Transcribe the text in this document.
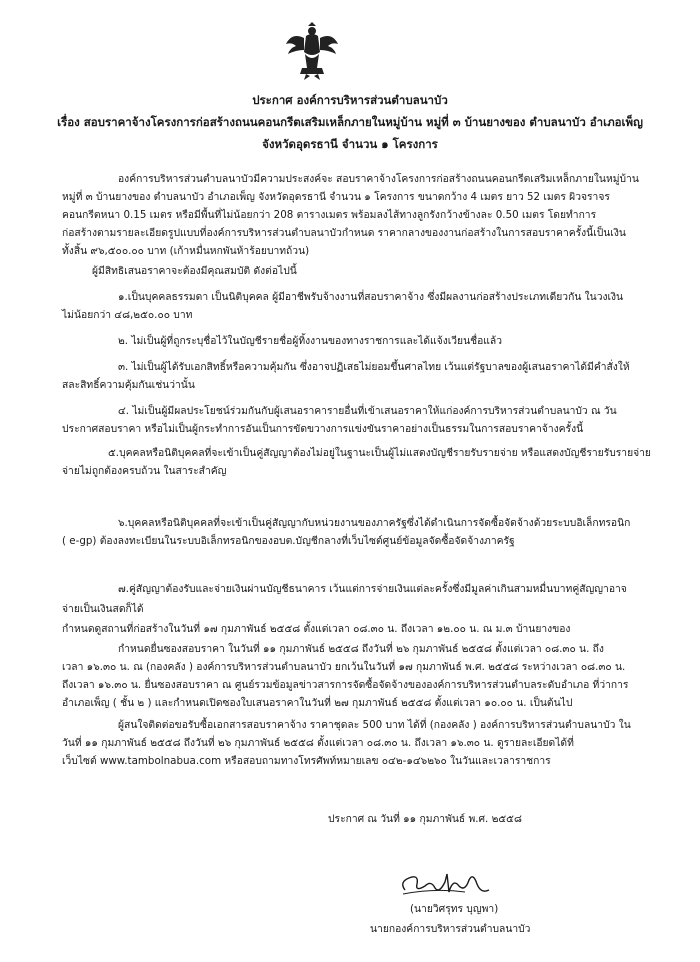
ประกาศ องค์การบริหารส่วนตำบลนาบัว
เรื่อง สอบราคาจ้างโครงการก่อสร้างถนนคอนกรีตเสริมเหล็กภายในหมู่บ้าน หมู่ที่ ๓ บ้านยางของ ตำบลนาบัว อำเภอเพ็ญ
จังหวัดอุดรธานี จำนวน ๑ โครงการ
องค์การบริหารส่วนตำบลนาบัวมีความประสงค์จะ สอบราคาจ้างโครงการก่อสร้างถนนคอนกรีตเสริมเหล็กภายในหมู่บ้าน
หมู่ที่ ๓ บ้านยางของ ตำบลนาบัว อำเภอเพ็ญ จังหวัดอุดรธานี จำนวน ๑ โครงการ ขนาดกว้าง 4 เมตร ยาว 52 เมตร ผิวจราจร
คอนกรีตหนา 0.15 เมตร หรือมีพื้นที่ไม่น้อยกว่า 208 ตารางเมตร พร้อมลงไส้ทางลูกรังกว้างข้างละ 0.50 เมตร โดยทำการ
ก่อสร้างตามรายละเอียดรูปแบบที่องค์การบริหารส่วนตำบลนาบัวกำหนด ราคากลางของงานก่อสร้างในการสอบราคาครั้งนี้เป็นเงิน
ทั้งสิ้น ๙๖,๕๐๐.๐๐ บาท (เก้าหมื่นหกพันห้าร้อยบาทถ้วน)
ผู้มีสิทธิเสนอราคาจะต้องมีคุณสมบัติ ดังต่อไปนี้
๑.เป็นบุคคลธรรมดา เป็นนิติบุคคล ผู้มีอาชีพรับจ้างงานที่สอบราคาจ้าง ซึ่งมีผลงานก่อสร้างประเภทเดียวกัน ในวงเงิน
ไม่น้อยกว่า ๔๘,๒๕๐.๐๐ บาท
๒. ไม่เป็นผู้ที่ถูกระบุชื่อไว้ในบัญชีรายชื่อผู้ทิ้งงานของทางราชการและได้แจ้งเวียนชื่อแล้ว
๓. ไม่เป็นผู้ได้รับเอกสิทธิ์หรือความคุ้มกัน ซึ่งอาจปฏิเสธไม่ยอมขึ้นศาลไทย เว้นแต่รัฐบาลของผู้เสนอราคาได้มีคำสั่งให้
สละสิทธิ์ความคุ้มกันเช่นว่านั้น
๔. ไม่เป็นผู้มีผลประโยชน์ร่วมกันกับผู้เสนอราคารายอื่นที่เข้าเสนอราคาให้แก่องค์การบริหารส่วนตำบลนาบัว ณ วัน
ประกาศสอบราคา หรือไม่เป็นผู้กระทำการอันเป็นการขัดขวางการแข่งขันราคาอย่างเป็นธรรมในการสอบราคาจ้างครั้งนี้
๕.บุคคลหรือนิติบุคคลที่จะเข้าเป็นคู่สัญญาต้องไม่อยู่ในฐานะเป็นผู้ไม่แสดงบัญชีรายรับรายจ่าย หรือแสดงบัญชีรายรับรายจ่าย
จ่ายไม่ถูกต้องครบถ้วน ในสาระสำคัญ
๖.บุคคลหรือนิติบุคคลที่จะเข้าเป็นคู่สัญญากับหน่วยงานของภาครัฐซึ่งได้ดำเนินการจัดซื้อจัดจ้างด้วยระบบอิเล็กทรอนิก
( e-gp) ต้องลงทะเบียนในระบบอิเล็กทรอนิกของอบต.บัญชีกลางที่เว็บไซต์ศูนย์ข้อมูลจัดซื้อจัดจ้างภาครัฐ
๗.คู่สัญญาต้องรับและจ่ายเงินผ่านบัญชีธนาคาร เว้นแต่การจ่ายเงินแต่ละครั้งซึ่งมีมูลค่าเกินสามหมื่นบาทคู่สัญญาอาจ
จ่ายเป็นเงินสดก็ได้
กำหนดดูสถานที่ก่อสร้างในวันที่ ๑๗ กุมภาพันธ์ ๒๕๕๘ ตั้งแต่เวลา ๐๘.๓๐ น. ถึงเวลา ๑๒.๐๐ น. ณ ม.๓ บ้านยางของ
กำหนดยื่นซองสอบราคา ในวันที่ ๑๑ กุมภาพันธ์ ๒๕๕๘ ถึงวันที่ ๒๖ กุมภาพันธ์ ๒๕๕๘ ตั้งแต่เวลา ๐๘.๓๐ น. ถึง
เวลา ๑๖.๓๐ น. ณ (กองคลัง ) องค์การบริหารส่วนตำบลนาบัว ยกเว้นในวันที่ ๑๗ กุมภาพันธ์ พ.ศ. ๒๕๕๘ ระหว่างเวลา ๐๘.๓๐ น.
ถึงเวลา ๑๖.๓๐ น. ยื่นซองสอบราคา ณ ศูนย์รวมข้อมูลข่าวสารการจัดซื้อจัดจ้างขององค์การบริหารส่วนตำบลระดับอำเภอ ที่ว่าการ
อำเภอเพ็ญ ( ชั้น ๒ ) และกำหนดเปิดซองใบเสนอราคาในวันที่ ๒๗ กุมภาพันธ์ ๒๕๕๘ ตั้งแต่เวลา ๑๐.๐๐ น. เป็นต้นไป
ผู้สนใจติดต่อขอรับซื้อเอกสารสอบราคาจ้าง ราคาชุดละ 500 บาท ได้ที่ (กองคลัง ) องค์การบริหารส่วนตำบลนาบัว ใน
วันที่ ๑๑ กุมภาพันธ์ ๒๕๕๘ ถึงวันที่ ๒๖ กุมภาพันธ์ ๒๕๕๘ ตั้งแต่เวลา ๐๘.๓๐ น. ถึงเวลา ๑๖.๓๐ น. ดูรายละเอียดได้ที่
เว็บไซต์ www.tambolnabua.com หรือสอบถามทางโทรศัพท์หมายเลข ๐๔๒-๑๔๖๒๖๐ ในวันและเวลาราชการ
ประกาศ ณ วันที่ ๑๑ กุมภาพันธ์ พ.ศ. ๒๕๕๘
(นายวิศรุทร บุญพา)
นายกองค์การบริหารส่วนตำบลนาบัว
